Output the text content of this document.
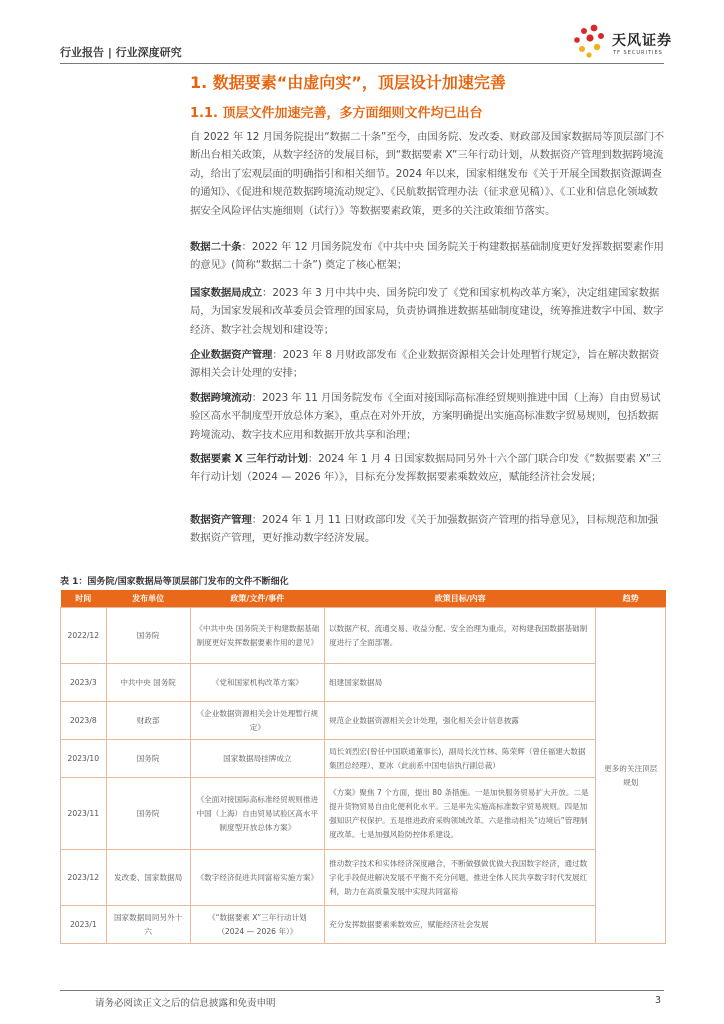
行业报告 | 行业深度研究
天风证券
TF SECURITIES
1. 数据要素“由虚向实”，顶层设计加速完善
1.1. 顶层文件加速完善，多方面细则文件均已出台
自 2022 年 12 月国务院提出“数据二十条”至今，由国务院、发改委、财政部及国家数据局等顶层部门不断出台相关政策，从数字经济的发展目标，到“数据要素 X”三年行动计划，从数据资产管理到数据跨境流动，给出了宏观层面的明确指引和相关细节。2024 年以来，国家相继发布《关于开展全国数据资源调查的通知》、《促进和规范数据跨境流动规定》、《民航数据管理办法（征求意见稿）》、《工业和信息化领域数据安全风险评估实施细则（试行）》等数据要素政策，更多的关注政策细节落实。
数据二十条：2022 年 12 月国务院发布《中共中央 国务院关于构建数据基础制度更好发挥数据要素作用的意见》(简称“数据二十条”) 奠定了核心框架；
国家数据局成立：2023 年 3 月中共中央、国务院印发了《党和国家机构改革方案》，决定组建国家数据局，为国家发展和改革委员会管理的国家局，负责协调推进数据基础制度建设，统筹推进数字中国、数字经济、数字社会规划和建设等；
企业数据资产管理：2023 年 8 月财政部发布《企业数据资源相关会计处理暂行规定》，旨在解决数据资源相关会计处理的安排；
数据跨境流动：2023 年 11 月国务院发布《全面对接国际高标准经贸规则推进中国（上海）自由贸易试验区高水平制度型开放总体方案》，重点在对外开放，方案明确提出实施高标准数字贸易规则，包括数据跨境流动、数字技术应用和数据开放共享和治理；
数据要素 X 三年行动计划：2024 年 1 月 4 日国家数据局同另外十六个部门联合印发《“数据要素 X”三年行动计划（2024 — 2026 年）》，目标充分发挥数据要素乘数效应，赋能经济社会发展；
数据资产管理：2024 年 1 月 11 日财政部印发《关于加强数据资产管理的指导意见》，目标规范和加强数据资产管理，更好推动数字经济发展。
表 1：国务院/国家数据局等顶层部门发布的文件不断细化
时间	发布单位	政策/文件/事件	政策目标/内容	趋势
2022/12	国务院	《中共中央 国务院关于构建数据基础制度更好发挥数据要素作用的意见》	以数据产权、流通交易、收益分配、安全治理为重点，对构建我国数据基础制度进行了全面部署。	更多的关注顶层规划
2023/3	中共中央 国务院	《党和国家机构改革方案》	组建国家数据局	
2023/8	财政部	《企业数据资源相关会计处理暂行规定》	规范企业数据资源相关会计处理，强化相关会计信息披露	
2023/10	国务院	国家数据局挂牌成立	局长刘烈宏(曾任中国联通董事长)，副局长沈竹林、陈荣辉（曾任福建大数据集团总经理）、夏冰（此前系中国电信执行副总裁）	
2023/11	国务院	《全面对接国际高标准经贸规则推进中国（上海）自由贸易试验区高水平制度型开放总体方案》	《方案》聚焦 7 个方面，提出 80 条措施。一是加快服务贸易扩大开放。二是提升货物贸易自由化便利化水平。三是率先实施高标准数字贸易规则。四是加强知识产权保护。五是推进政府采购领域改革。六是推动相关“边境后”管理制度改革。七是加强风险防控体系建设。	
2023/12	发改委、国家数据局	《数字经济促进共同富裕实施方案》	推动数字技术和实体经济深度融合，不断做强做优做大我国数字经济，通过数字化手段促进解决发展不平衡不充分问题，推进全体人民共享数字时代发展红利，助力在高质量发展中实现共同富裕	
2023/1	国家数据局同另外十六	《“数据要素 X”三年行动计划（2024 — 2026 年）》	充分发挥数据要素乘数效应，赋能经济社会发展	
请务必阅读正文之后的信息披露和免责申明	3
